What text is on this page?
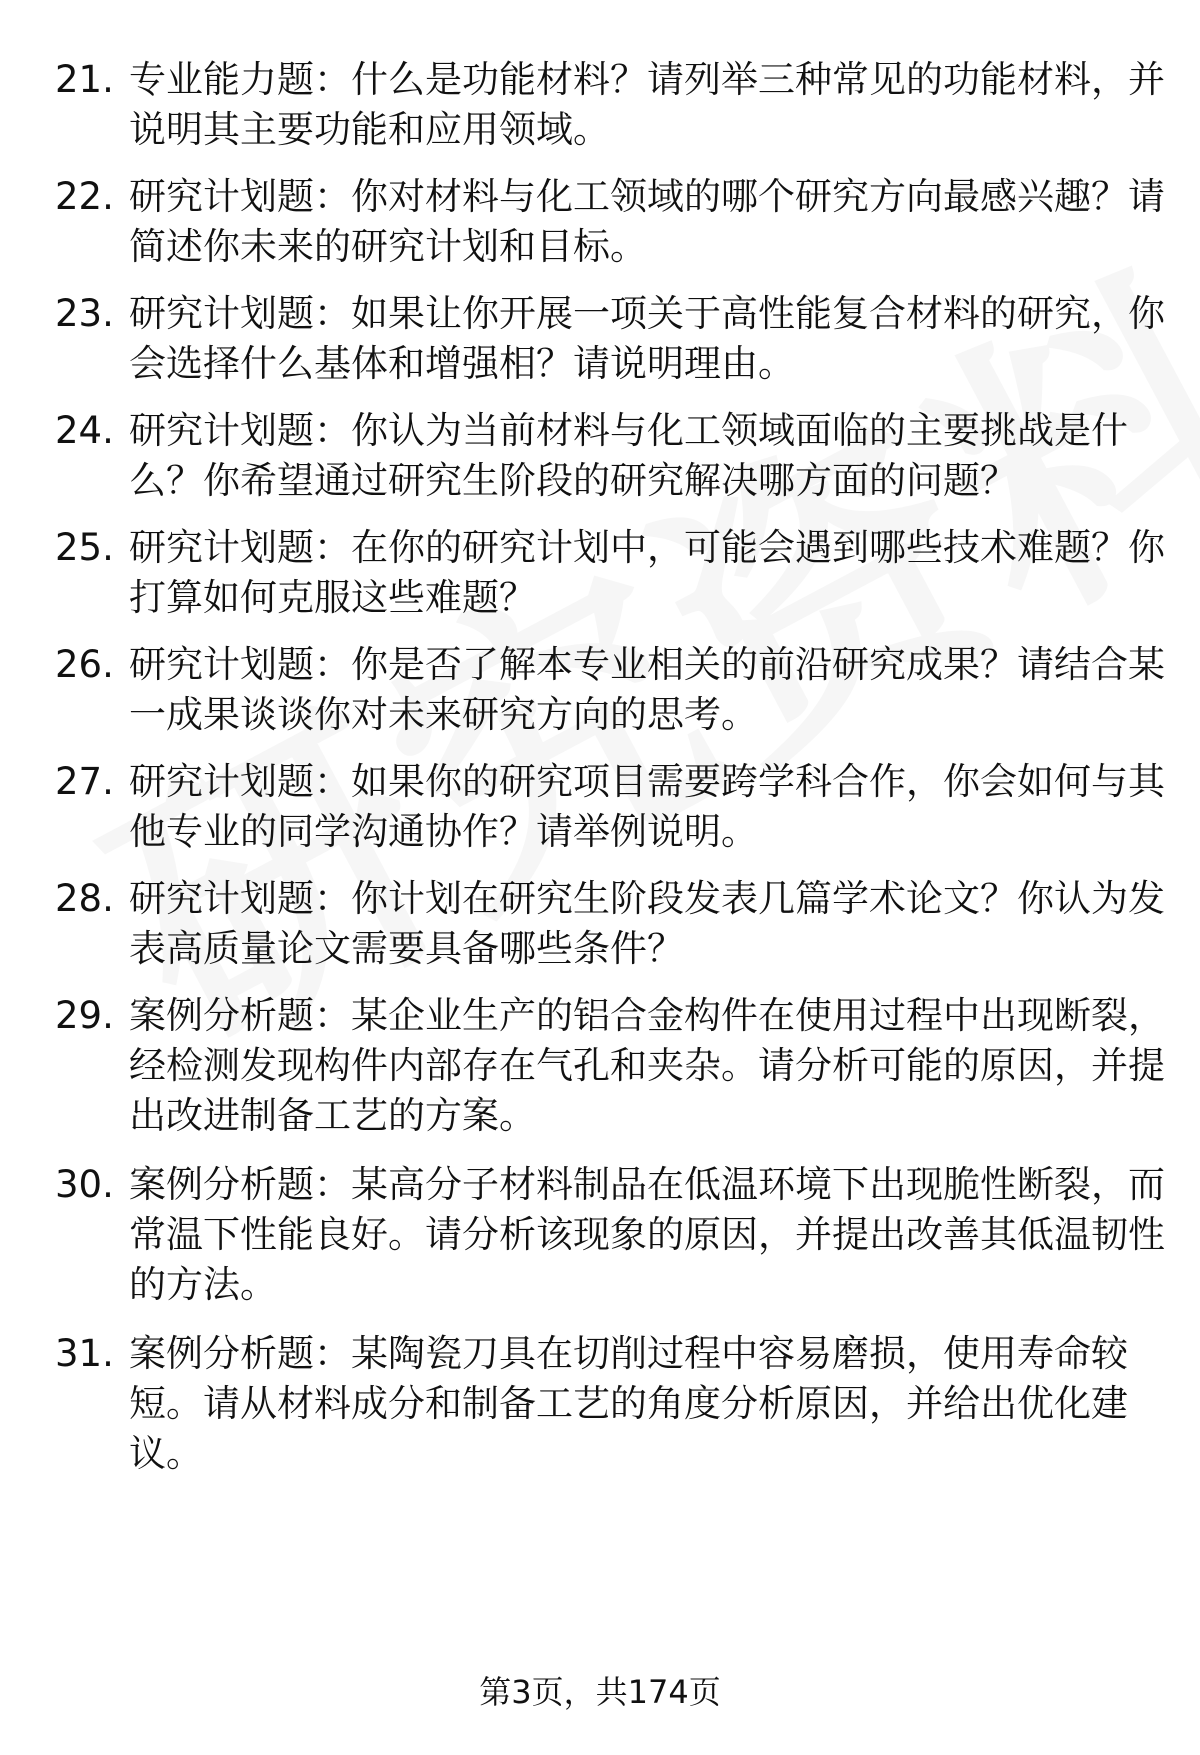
21. 专业能力题：什么是功能材料？请列举三种常见的功能材料，并
说明其主要功能和应用领域。
22. 研究计划题：你对材料与化工领域的哪个研究方向最感兴趣？请
简述你未来的研究计划和目标。
23. 研究计划题：如果让你开展一项关于高性能复合材料的研究，你
会选择什么基体和增强相？请说明理由。
24. 研究计划题：你认为当前材料与化工领域面临的主要挑战是什
么？你希望通过研究生阶段的研究解决哪方面的问题？
25. 研究计划题：在你的研究计划中，可能会遇到哪些技术难题？你
打算如何克服这些难题？
26. 研究计划题：你是否了解本专业相关的前沿研究成果？请结合某
一成果谈谈你对未来研究方向的思考。
27. 研究计划题：如果你的研究项目需要跨学科合作，你会如何与其
他专业的同学沟通协作？请举例说明。
28. 研究计划题：你计划在研究生阶段发表几篇学术论文？你认为发
表高质量论文需要具备哪些条件？
29. 案例分析题：某企业生产的铝合金构件在使用过程中出现断裂，
经检测发现构件内部存在气孔和夹杂。请分析可能的原因，并提
出改进制备工艺的方案。
30. 案例分析题：某高分子材料制品在低温环境下出现脆性断裂，而
常温下性能良好。请分析该现象的原因，并提出改善其低温韧性
的方法。
31. 案例分析题：某陶瓷刀具在切削过程中容易磨损，使用寿命较
短。请从材料成分和制备工艺的角度分析原因，并给出优化建
议。
第3页，共174页
